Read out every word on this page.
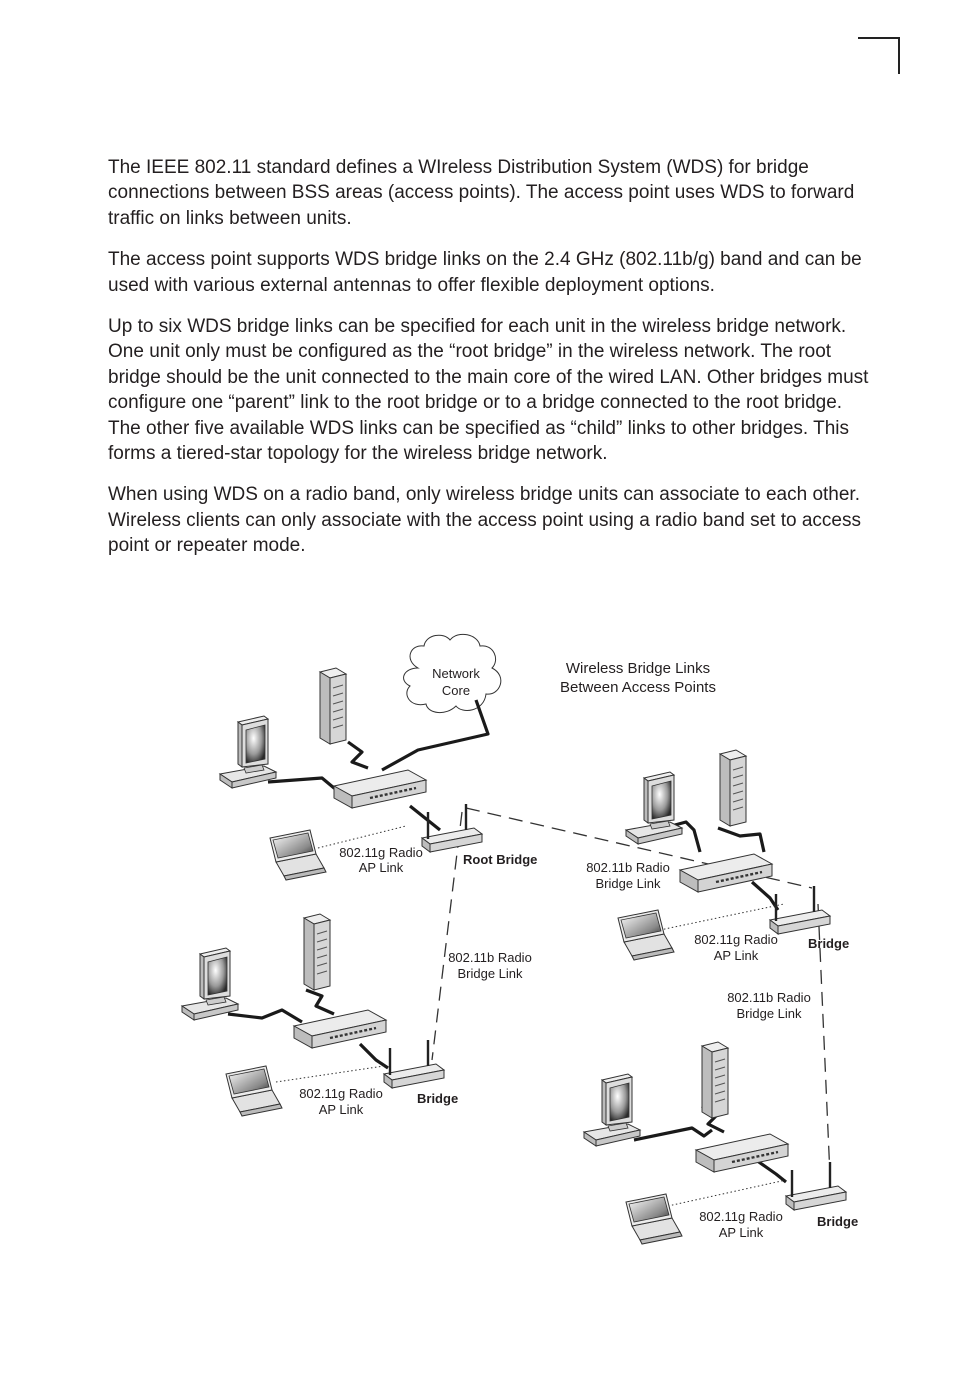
The IEEE 802.11 standard defines a WIreless Distribution System (WDS) for bridge connections between BSS areas (access points). The access point uses WDS to forward traffic on links between units.

The access point supports WDS bridge links on the 2.4 GHz (802.11b/g) band and can be used with various external antennas to offer flexible deployment options.

Up to six WDS bridge links can be specified for each unit in the wireless bridge network. One unit only must be configured as the “root bridge” in the wireless network. The root bridge should be the unit connected to the main core of the wired LAN. Other bridges must configure one “parent” link to the root bridge or to a bridge connected to the root bridge. The other five available WDS links can be specified as “child” links to other bridges. This forms a tiered-star topology for the wireless bridge network.

When using WDS on a radio band, only wireless bridge units can associate to each other. Wireless clients can only associate with the access point using a radio band set to access point or repeater mode.

Network
Core
Wireless Bridge Links
Between Access Points
802.11g Radio
AP Link
Root Bridge
802.11b Radio
Bridge Link
802.11g Radio
AP Link
Bridge
802.11b Radio
Bridge Link
802.11b Radio
Bridge Link
802.11g Radio
AP Link
Bridge
802.11g Radio
AP Link
Bridge
